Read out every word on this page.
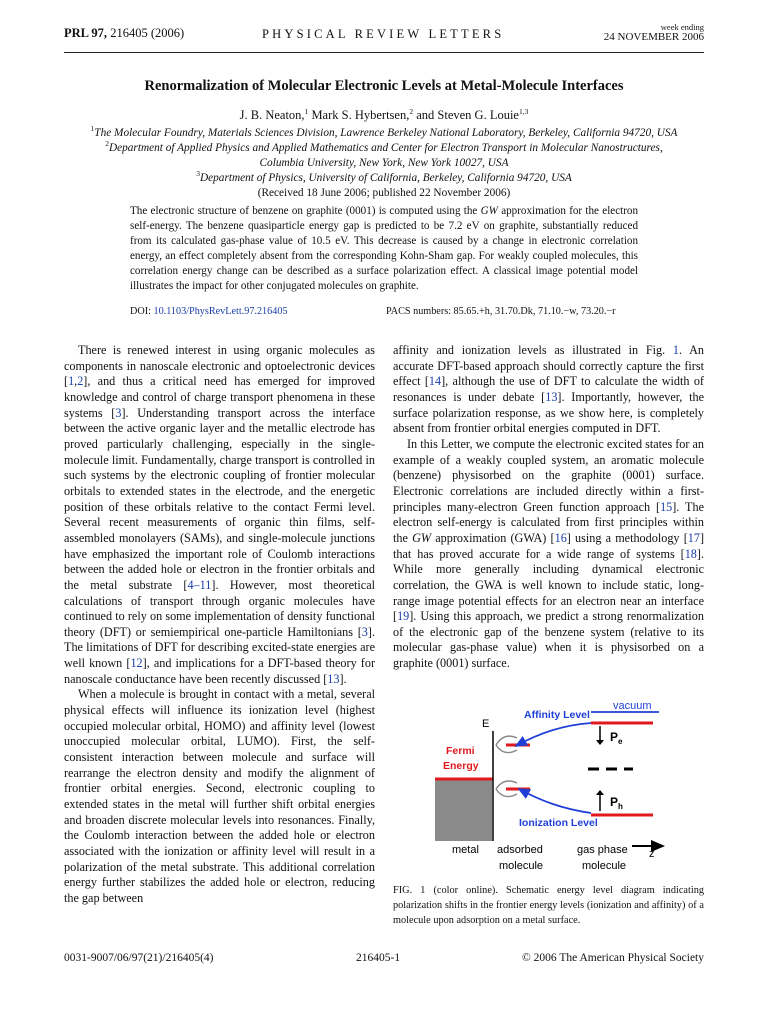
PRL 97, 216405 (2006)	PHYSICAL REVIEW LETTERS	week ending
24 NOVEMBER 2006
Renormalization of Molecular Electronic Levels at Metal-Molecule Interfaces
J. B. Neaton,$^1$ Mark S. Hybertsen,$^2$ and Steven G. Louie$^{1,3}$
$^1$The Molecular Foundry, Materials Sciences Division, Lawrence Berkeley National Laboratory, Berkeley, California 94720, USA
$^2$Department of Applied Physics and Applied Mathematics and Center for Electron Transport in Molecular Nanostructures,
Columbia University, New York, New York 10027, USA
$^3$Department of Physics, University of California, Berkeley, California 94720, USA
(Received 18 June 2006; published 22 November 2006)
The electronic structure of benzene on graphite (0001) is computed using the GW approximation for the electron self-energy. The benzene quasiparticle energy gap is predicted to be 7.2 eV on graphite, substantially reduced from its calculated gas-phase value of 10.5 eV. This decrease is caused by a change in electronic correlation energy, an effect completely absent from the corresponding Kohn-Sham gap. For weakly coupled molecules, this correlation energy change can be described as a surface polarization effect. A classical image potential model illustrates the impact for other conjugated molecules on graphite.
DOI: 10.1103/PhysRevLett.97.216405	PACS numbers: 85.65.+h, 31.70.Dk, 71.10.−w, 73.20.−r

There is renewed interest in using organic molecules as components in nanoscale electronic and optoelectronic devices [1,2], and thus a critical need has emerged for improved knowledge and control of charge transport phenomena in these systems [3]. Understanding transport across the interface between the active organic layer and the metallic electrode has proved particularly challenging, especially in the single-molecule limit. Fundamentally, charge transport is controlled in such systems by the electronic coupling of frontier molecular orbitals to extended states in the electrode, and the energetic position of these orbitals relative to the contact Fermi level. Several recent measurements of organic thin films, self-assembled monolayers (SAMs), and single-molecule junctions have emphasized the important role of Coulomb interactions between the added hole or electron in the frontier orbitals and the metal substrate [4–11]. However, most theoretical calculations of transport through organic molecules have continued to rely on some implementation of density functional theory (DFT) or semiempirical one-particle Hamiltonians [3]. The limitations of DFT for describing excited-state energies are well known [12], and implications for a DFT-based theory for nanoscale conductance have been recently discussed [13].

When a molecule is brought in contact with a metal, several physical effects will influence its ionization level (highest occupied molecular orbital, HOMO) and affinity level (lowest unoccupied molecular orbital, LUMO). First, the self-consistent interaction between molecule and surface will rearrange the electron density and modify the alignment of frontier orbital energies. Second, electronic coupling to extended states in the metal will further shift orbital energies and broaden discrete molecular levels into resonances. Finally, the Coulomb interaction between the added hole or electron associated with the ionization or affinity level will result in a polarization of the metal substrate. This additional correlation energy further stabilizes the added hole or electron, reducing the gap between

affinity and ionization levels as illustrated in Fig. 1. An accurate DFT-based approach should correctly capture the first effect [14], although the use of DFT to calculate the width of resonances is under debate [13]. Importantly, however, the surface polarization response, as we show here, is completely absent from frontier orbital energies computed in DFT.

In this Letter, we compute the electronic excited states for an example of a weakly coupled system, an aromatic molecule (benzene) physisorbed on the graphite (0001) surface. Electronic correlations are included directly within a first-principles many-electron Green function approach [15]. The electron self-energy is calculated from first principles within the GW approximation (GWA) [16] using a methodology [17] that has proved accurate for a wide range of systems [18]. While more generally including dynamical electronic correlation, the GWA is well known to include static, long-range image potential effects for an electron near an interface [19]. Using this approach, we predict a strong renormalization of the electronic gap of the benzene system (relative to its molecular gas-phase value) when it is physisorbed on a graphite (0001) surface.

E
Affinity Level
vacuum
Fermi
Energy
$P_e$
$P_h$
Ionization Level
metal adsorbed
molecule
gas phase
molecule
z
FIG. 1 (color online). Schematic energy level diagram indicating polarization shifts in the frontier energy levels (ionization and affinity) of a molecule upon adsorption on a metal surface.
0031-9007/06/97(21)/216405(4)	216405-1	© 2006 The American Physical Society
